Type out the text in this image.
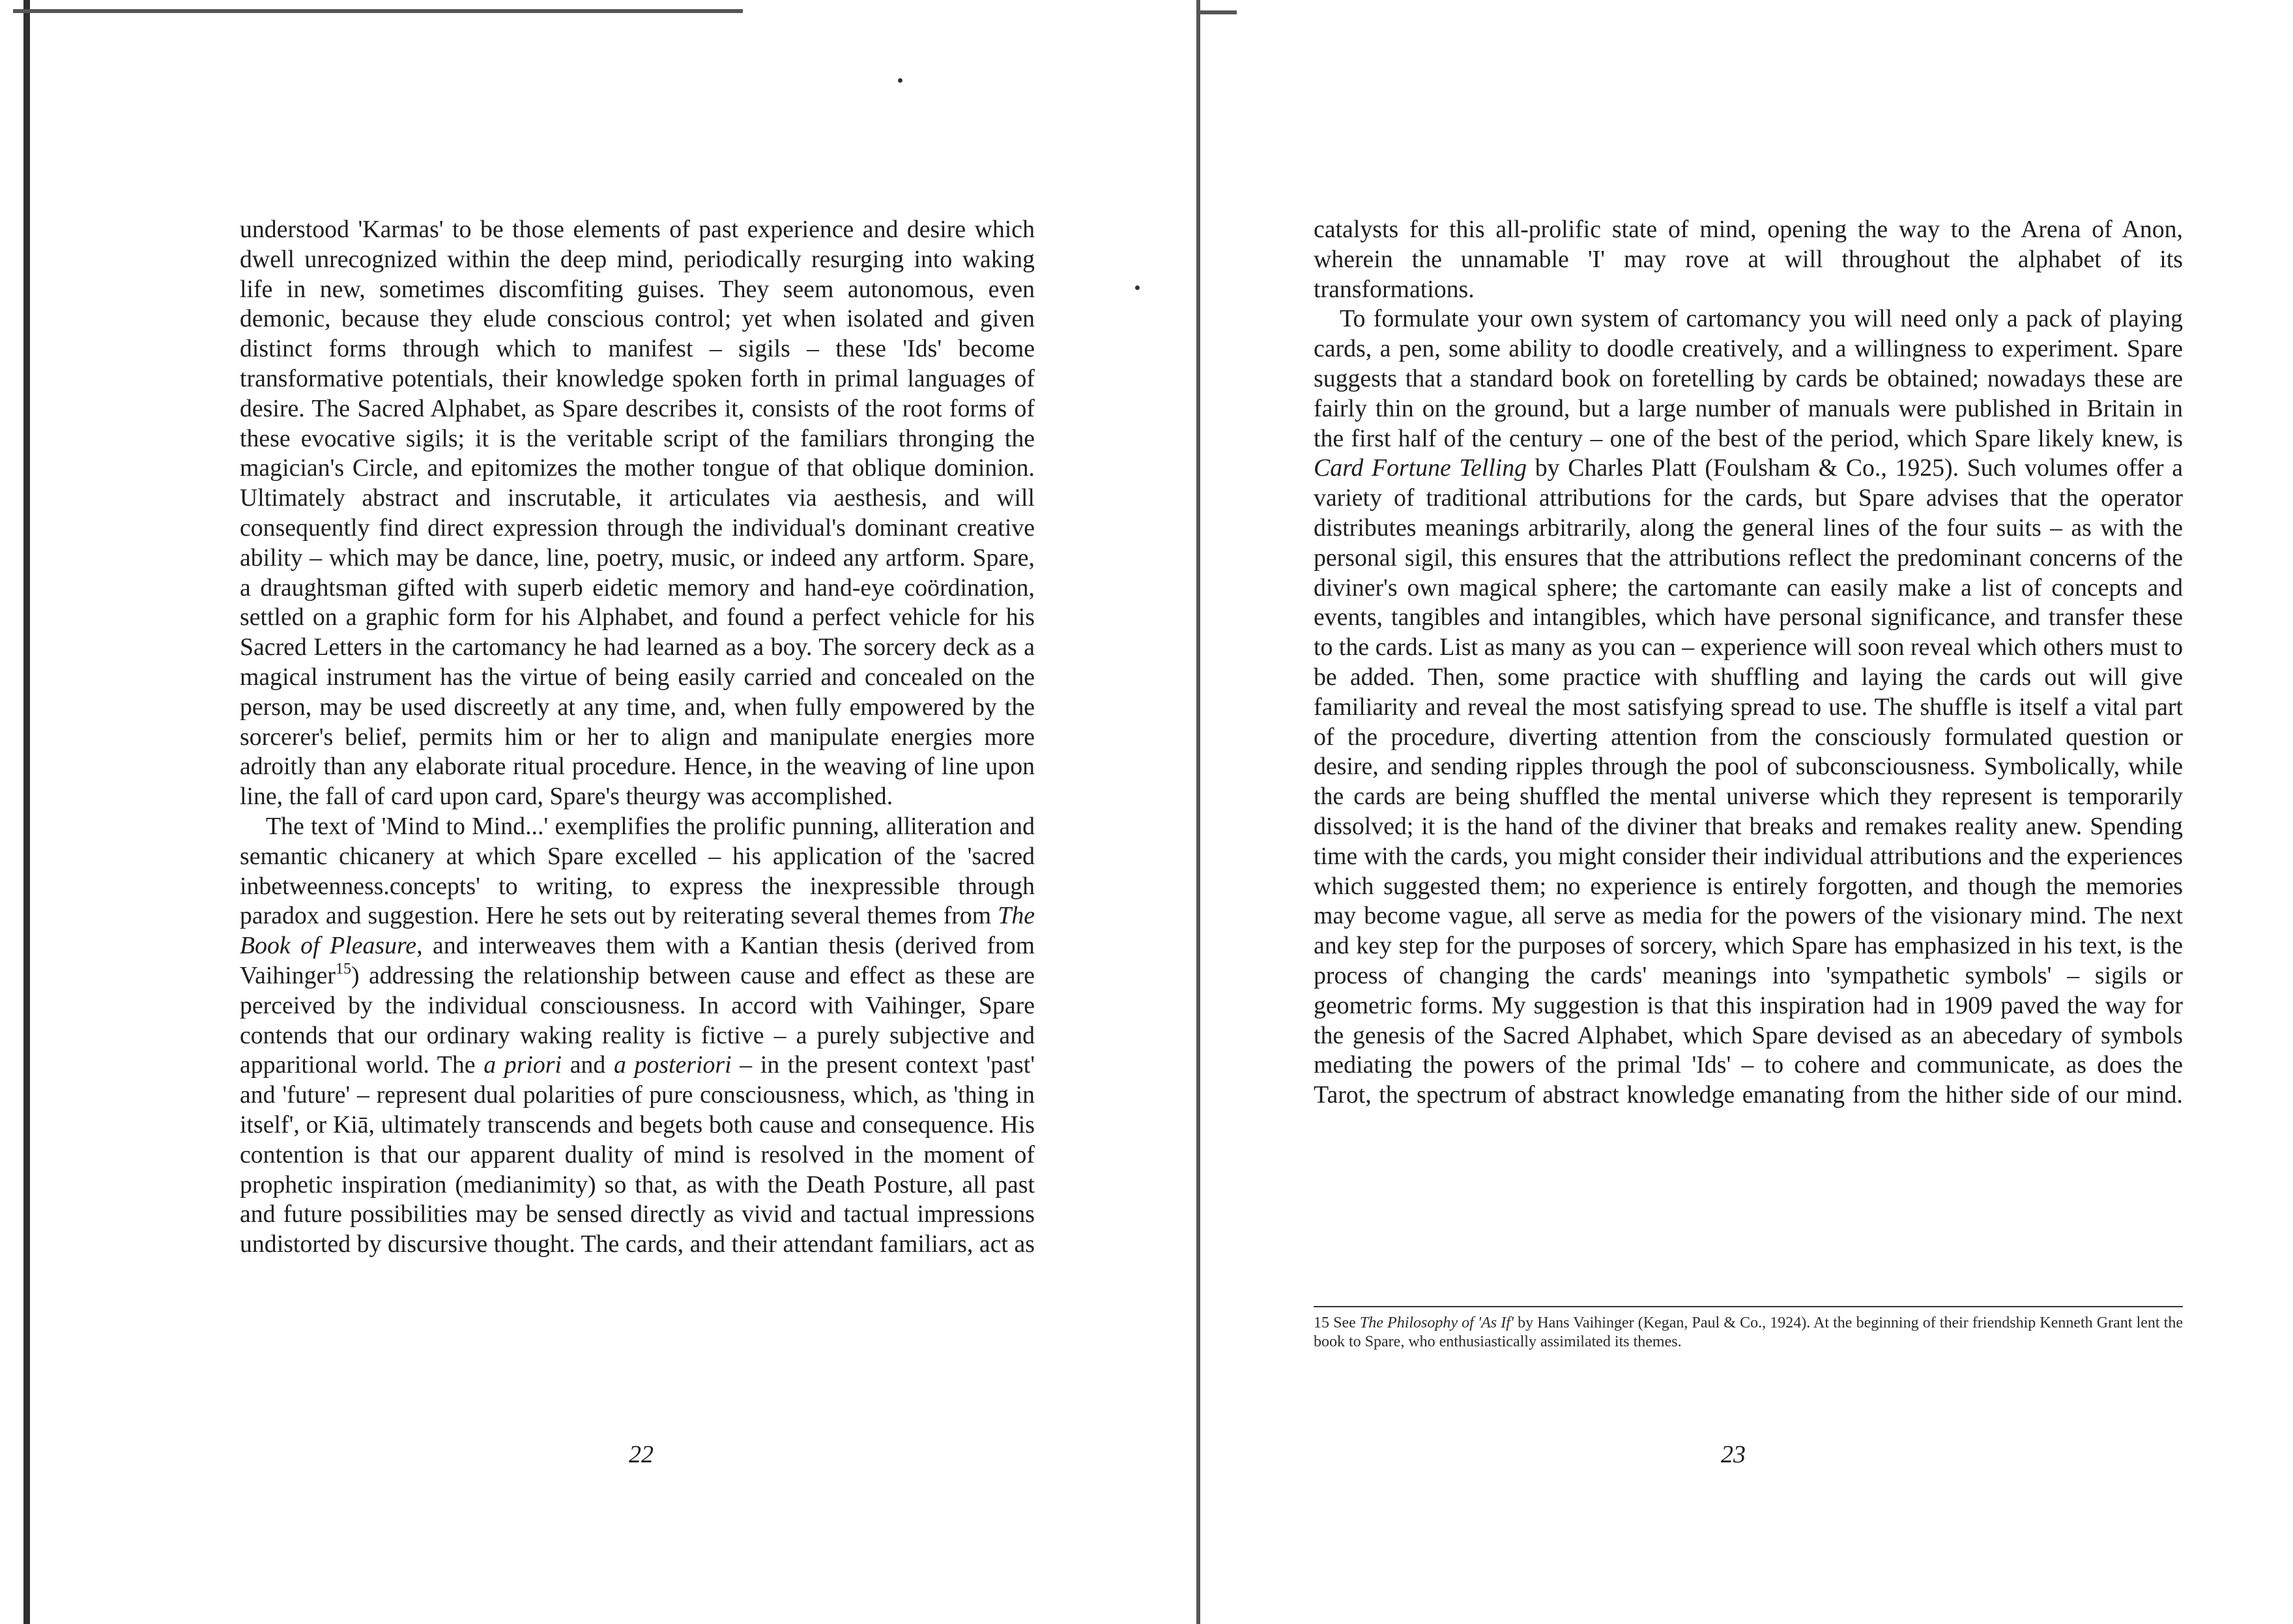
understood 'Karmas' to be those elements of past experience and desire which dwell unrecognized within the deep mind, periodically resurging into waking life in new, sometimes discomfiting guises. They seem autonomous, even demonic, because they elude conscious control; yet when isolated and given distinct forms through which to manifest – sigils – these 'Ids' become transformative potentials, their knowledge spoken forth in primal languages of desire. The Sacred Alphabet, as Spare describes it, consists of the root forms of these evocative sigils; it is the veritable script of the familiars thronging the magician's Circle, and epitomizes the mother tongue of that oblique dominion. Ultimately abstract and inscrutable, it articulates via aesthesis, and will consequently find direct expression through the individual's dominant creative ability – which may be dance, line, poetry, music, or indeed any artform. Spare, a draughtsman gifted with superb eidetic memory and hand-eye coördination, settled on a graphic form for his Alphabet, and found a perfect vehicle for his Sacred Letters in the cartomancy he had learned as a boy. The sorcery deck as a magical instrument has the virtue of being easily carried and concealed on the person, may be used discreetly at any time, and, when fully empowered by the sorcerer's belief, permits him or her to align and manipulate energies more adroitly than any elaborate ritual procedure. Hence, in the weaving of line upon line, the fall of card upon card, Spare's theurgy was accomplished.

The text of 'Mind to Mind...' exemplifies the prolific punning, alliteration and semantic chicanery at which Spare excelled – his application of the 'sacred inbetweenness.concepts' to writing, to express the inexpressible through paradox and suggestion. Here he sets out by reiterating several themes from The Book of Pleasure, and interweaves them with a Kantian thesis (derived from Vaihinger$^{15}$) addressing the relationship between cause and effect as these are perceived by the individual consciousness. In accord with Vaihinger, Spare contends that our ordinary waking reality is fictive – a purely subjective and apparitional world. The a priori and a posteriori – in the present context 'past' and 'future' – represent dual polarities of pure consciousness, which, as 'thing in itself', or Kiā, ultimately transcends and begets both cause and consequence. His contention is that our apparent duality of mind is resolved in the moment of prophetic inspiration (medianimity) so that, as with the Death Posture, all past and future possibilities may be sensed directly as vivid and tactual impressions undistorted by discursive thought. The cards, and their attendant familiars, act as

22

catalysts for this all-prolific state of mind, opening the way to the Arena of Anon, wherein the unnamable 'I' may rove at will throughout the alphabet of its transformations.

To formulate your own system of cartomancy you will need only a pack of playing cards, a pen, some ability to doodle creatively, and a willingness to experiment. Spare suggests that a standard book on foretelling by cards be obtained; nowadays these are fairly thin on the ground, but a large number of manuals were published in Britain in the first half of the century – one of the best of the period, which Spare likely knew, is Card Fortune Telling by Charles Platt (Foulsham & Co., 1925). Such volumes offer a variety of traditional attributions for the cards, but Spare advises that the operator distributes meanings arbitrarily, along the general lines of the four suits – as with the personal sigil, this ensures that the attributions reflect the predominant concerns of the diviner's own magical sphere; the cartomante can easily make a list of concepts and events, tangibles and intangibles, which have personal significance, and transfer these to the cards. List as many as you can – experience will soon reveal which others must to be added. Then, some practice with shuffling and laying the cards out will give familiarity and reveal the most satisfying spread to use. The shuffle is itself a vital part of the procedure, diverting attention from the consciously formulated question or desire, and sending ripples through the pool of subconsciousness. Symbolically, while the cards are being shuffled the mental universe which they represent is temporarily dissolved; it is the hand of the diviner that breaks and remakes reality anew. Spending time with the cards, you might consider their individual attributions and the experiences which suggested them; no experience is entirely forgotten, and though the memories may become vague, all serve as media for the powers of the visionary mind. The next and key step for the purposes of sorcery, which Spare has emphasized in his text, is the process of changing the cards' meanings into 'sympathetic symbols' – sigils or geometric forms. My suggestion is that this inspiration had in 1909 paved the way for the genesis of the Sacred Alphabet, which Spare devised as an abecedary of symbols mediating the powers of the primal 'Ids' – to cohere and communicate, as does the Tarot, the spectrum of abstract knowledge emanating from the hither side of our mind.

15 See The Philosophy of 'As If' by Hans Vaihinger (Kegan, Paul & Co., 1924). At the beginning of their friendship Kenneth Grant lent the book to Spare, who enthusiastically assimilated its themes.
23
